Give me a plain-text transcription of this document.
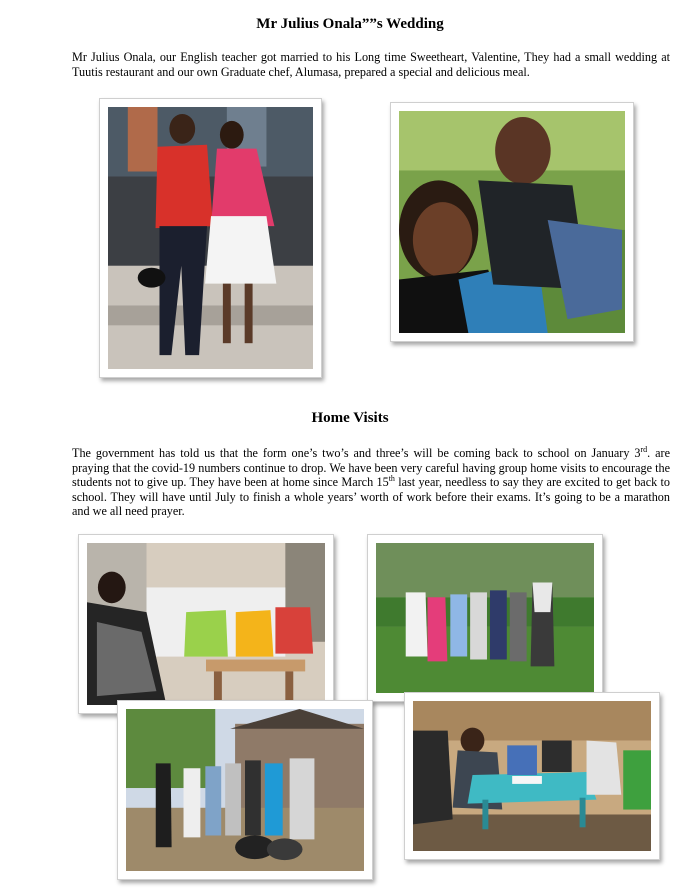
Mr Julius Onala””s Wedding

Mr Julius Onala, our English teacher got married to his Long time Sweetheart, Valentine, They had a small wedding at Tuutis restaurant and our own Graduate chef, Alumasa, prepared a special and delicious meal.

Home Visits

The government has told us that the form one’s two’s and three’s will be coming back to school on January 3rd. are praying that the covid-19 numbers continue to drop. We have been very careful having group home visits to encourage the students not to give up. They have been at home since March 15th last year, needless to say they are excited to get back to school. They will have until July to finish a whole years’ worth of work before their exams. It’s going to be a marathon and we all need prayer.
